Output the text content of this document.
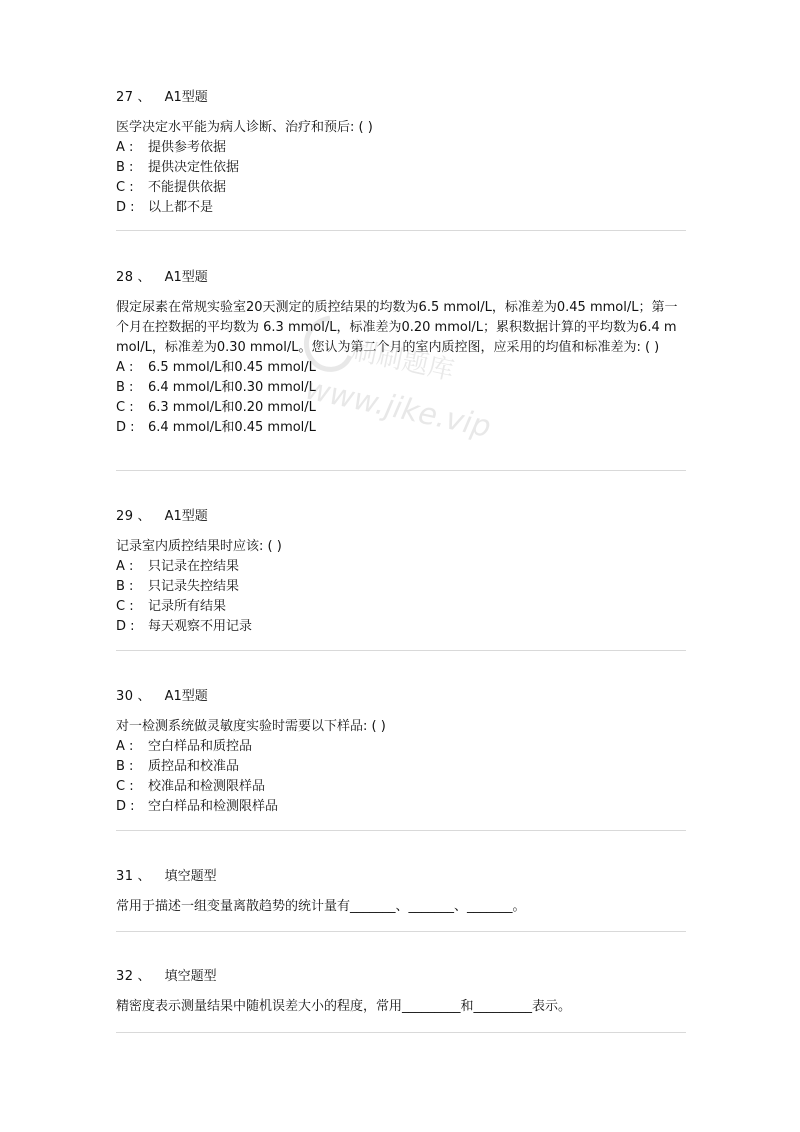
27 、 A1型题
医学决定水平能为病人诊断、治疗和预后: ( )
A : 提供参考依据
B : 提供决定性依据
C : 不能提供依据
D : 以上都不是
28 、 A1型题
假定尿素在常规实验室20天测定的质控结果的均数为6.5 mmol/L，标准差为0.45 mmol/L；第一个月在控数据的平均数为 6.3 mmol/L，标准差为0.20 mmol/L；累积数据计算的平均数为6.4 mmol/L，标准差为0.30 mmol/L。您认为第二个月的室内质控图，应采用的均值和标准差为: ( )
A : 6.5 mmol/L和0.45 mmol/L
B : 6.4 mmol/L和0.30 mmol/L
C : 6.3 mmol/L和0.20 mmol/L
D : 6.4 mmol/L和0.45 mmol/L
29 、 A1型题
记录室内质控结果时应该: ( )
A : 只记录在控结果
B : 只记录失控结果
C : 记录所有结果
D : 每天观察不用记录
30 、 A1型题
对一检测系统做灵敏度实验时需要以下样品: ( )
A : 空白样品和质控品
B : 质控品和校准品
C : 校准品和检测限样品
D : 空白样品和检测限样品
31 、 填空题型
常用于描述一组变量离散趋势的统计量有_______、_______、_______。
32 、 填空题型
精密度表示测量结果中随机误差大小的程度，常用_________和_________表示。
刷刷题库
www.jike.vip
